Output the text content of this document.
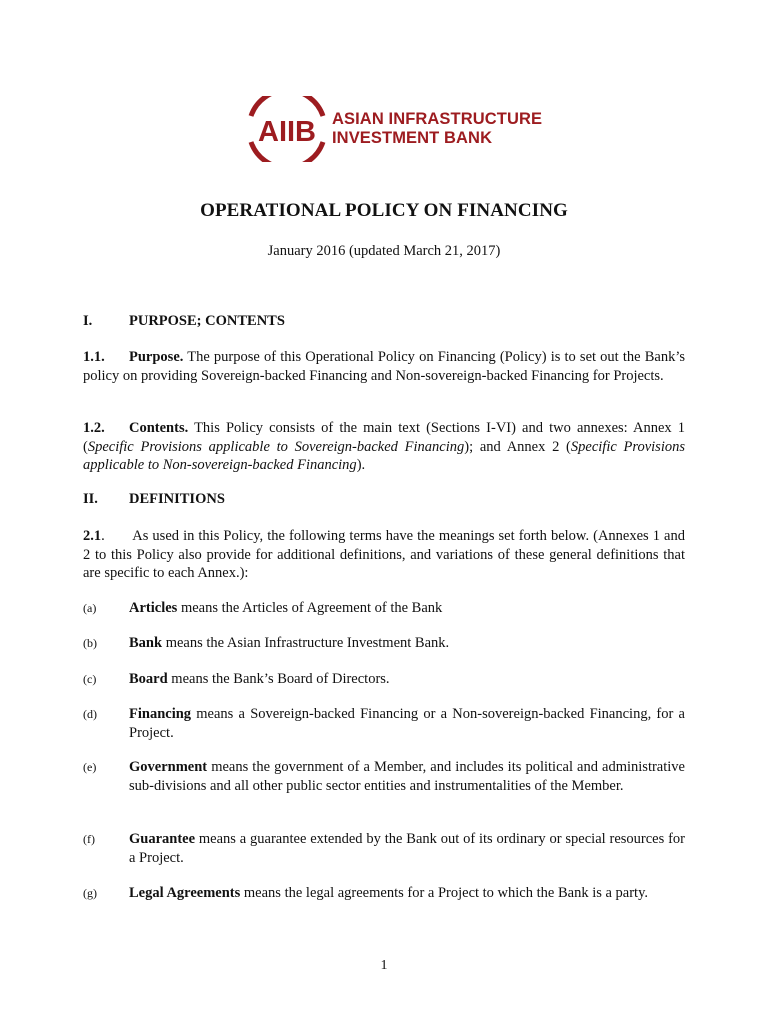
AIIB ASIAN INFRASTRUCTURE
INVESTMENT BANK
OPERATIONAL POLICY ON FINANCING
January 2016 (updated March 21, 2017)
I.	PURPOSE; CONTENTS
1.1. Purpose. The purpose of this Operational Policy on Financing (Policy) is to set out the Bank’s policy on providing Sovereign-backed Financing and Non-sovereign-backed Financing for Projects.
1.2. Contents. This Policy consists of the main text (Sections I-VI) and two annexes: Annex 1 (Specific Provisions applicable to Sovereign-backed Financing); and Annex 2 (Specific Provisions applicable to Non-sovereign-backed Financing).
II. DEFINITIONS
2.1. As used in this Policy, the following terms have the meanings set forth below. (Annexes 1 and 2 to this Policy also provide for additional definitions, and variations of these general definitions that are specific to each Annex.):
(a) Articles means the Articles of Agreement of the Bank
(b) Bank means the Asian Infrastructure Investment Bank.
(c) Board means the Bank’s Board of Directors.
(d) Financing means a Sovereign-backed Financing or a Non-sovereign-backed Financing, for a Project.
(e) Government means the government of a Member, and includes its political and administrative sub-divisions and all other public sector entities and instrumentalities of the Member.
(f) Guarantee means a guarantee extended by the Bank out of its ordinary or special resources for a Project.
(g) Legal Agreements means the legal agreements for a Project to which the Bank is a party.
1
